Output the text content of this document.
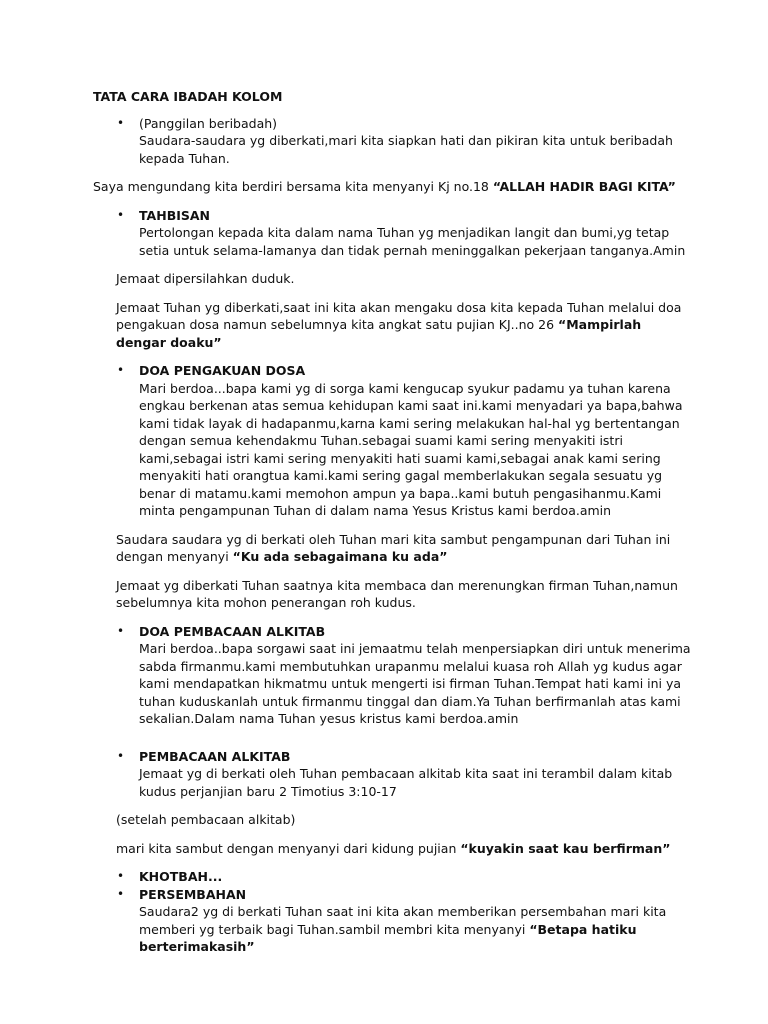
TATA CARA IBADAH KOLOM
• (Panggilan beribadah)
Saudara-saudara yg diberkati,mari kita siapkan hati dan pikiran kita untuk beribadah kepada Tuhan.

Saya mengundang kita berdiri bersama kita menyanyi Kj no.18 “ALLAH HADIR BAGI KITA”

• TAHBISAN
Pertolongan kepada kita dalam nama Tuhan yg menjadikan langit dan bumi,yg tetap setia untuk selama-lamanya dan tidak pernah meninggalkan pekerjaan tanganya.Amin

Jemaat dipersilahkan duduk.

Jemaat Tuhan yg diberkati,saat ini kita akan mengaku dosa kita kepada Tuhan melalui doa pengakuan dosa namun sebelumnya kita angkat satu pujian KJ..no 26 “Mampirlah dengar doaku”

• DOA PENGAKUAN DOSA
Mari berdoa...bapa kami yg di sorga kami kengucap syukur padamu ya tuhan karena engkau berkenan atas semua kehidupan kami saat ini.kami menyadari ya bapa,bahwa kami tidak layak di hadapanmu,karna kami sering melakukan hal-hal yg bertentangan dengan semua kehendakmu Tuhan.sebagai suami kami sering menyakiti istri kami,sebagai istri kami sering menyakiti hati suami kami,sebagai anak kami sering menyakiti hati orangtua kami.kami sering gagal memberlakukan segala sesuatu yg benar di matamu.kami memohon ampun ya bapa..kami butuh pengasihanmu.Kami minta pengampunan Tuhan di dalam nama Yesus Kristus kami berdoa.amin

Saudara saudara yg di berkati oleh Tuhan mari kita sambut pengampunan dari Tuhan ini dengan menyanyi “Ku ada sebagaimana ku ada”

Jemaat yg diberkati Tuhan saatnya kita membaca dan merenungkan firman Tuhan,namun sebelumnya kita mohon penerangan roh kudus.

• DOA PEMBACAAN ALKITAB
Mari berdoa..bapa sorgawi saat ini jemaatmu telah menpersiapkan diri untuk menerima sabda firmanmu.kami membutuhkan urapanmu melalui kuasa roh Allah yg kudus agar kami mendapatkan hikmatmu untuk mengerti isi firman Tuhan.Tempat hati kami ini ya tuhan kuduskanlah untuk firmanmu tinggal dan diam.Ya Tuhan berfirmanlah atas kami sekalian.Dalam nama Tuhan yesus kristus kami berdoa.amin
• PEMBACAAN ALKITAB
Jemaat yg di berkati oleh Tuhan pembacaan alkitab kita saat ini terambil dalam kitab kudus perjanjian baru 2 Timotius 3:10-17

(setelah pembacaan alkitab)

mari kita sambut dengan menyanyi dari kidung pujian “kuyakin saat kau berfirman”

• KHOTBAH...
• PERSEMBAHAN
Saudara2 yg di berkati Tuhan saat ini kita akan memberikan persembahan mari kita memberi yg terbaik bagi Tuhan.sambil membri kita menyanyi “Betapa hatiku berterimakasih”
